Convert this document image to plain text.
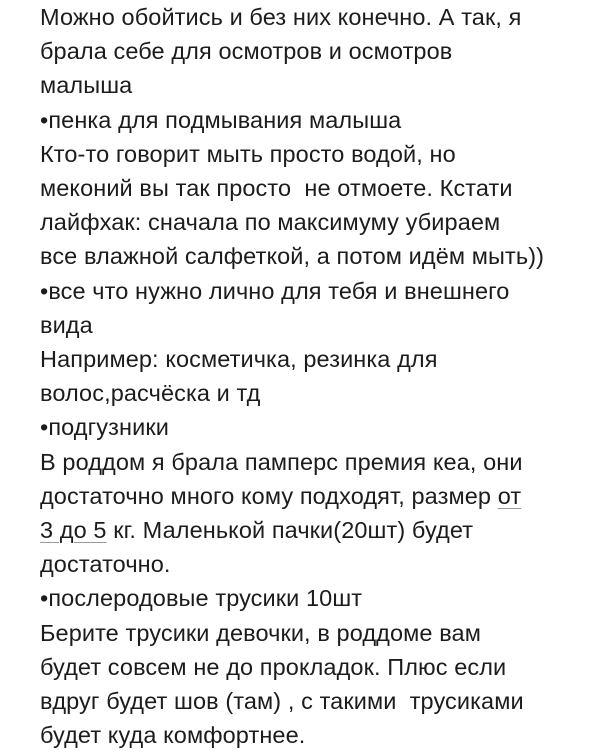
Можно обойтись и без них конечно. А так, я
брала себе для осмотров и осмотров
малыша
•пенка для подмывания малыша
Кто-то говорит мыть просто водой, но
меконий вы так просто  не отмоете. Кстати
лайфхак: сначала по максимуму убираем
все влажной салфеткой, а потом идём мыть))
•все что нужно лично для тебя и внешнего
вида
Например: косметичка, резинка для
волос,расчёска и тд
•подгузники
В роддом я брала памперс премия кеа, они
достаточно много кому подходят, размер от
3 до 5 кг. Маленькой пачки(20шт) будет
достаточно.
•послеродовые трусики 10шт
Берите трусики девочки, в роддоме вам
будет совсем не до прокладок. Плюс если
вдруг будет шов (там) , с такими  трусиками
будет куда комфортнее.
